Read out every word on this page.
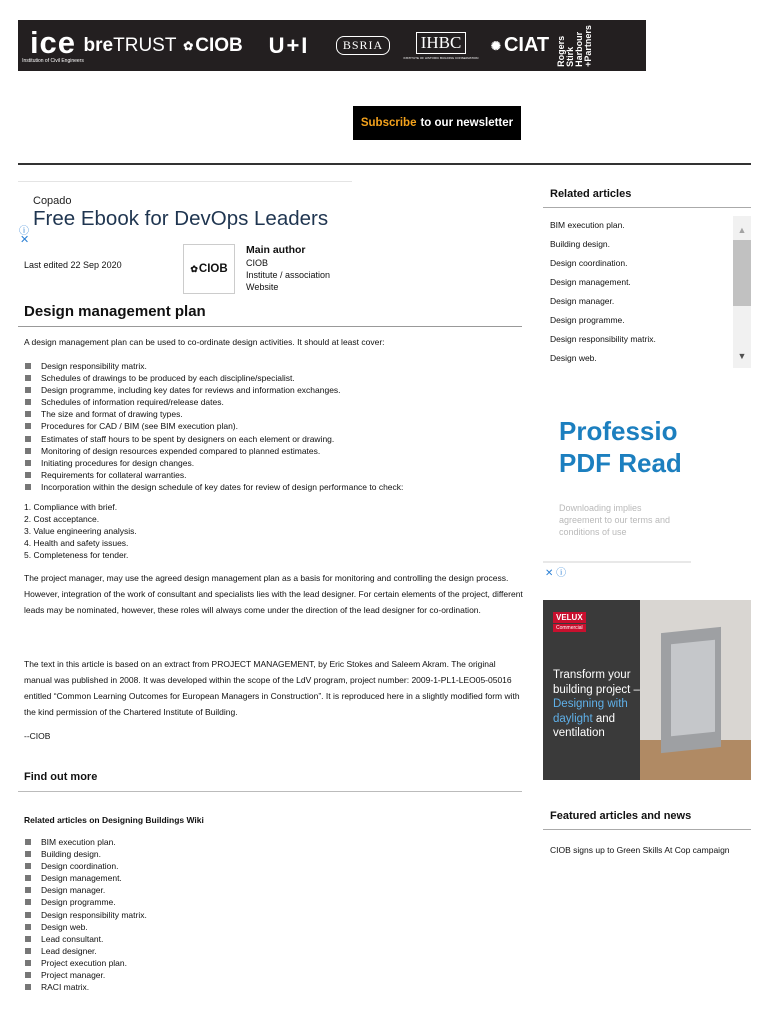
ice
Institution of Civil Engineers
bre TRUST ✿ CIOB U+I	BSRIA	IHBC
INSTITUTE OF HISTORIC BUILDING CONSERVATION
✺ CIAT Rogers
Stirk
Harbour
+Partners
Subscribe to our newsletter
ⓘ
✕
Copado
Free Ebook for DevOps Leaders
Last edited 22 Sep 2020	✿ CIOB
Main author
CIOB
Institute / association
Website
Design management plan

A design management plan can be used to co-ordinate design activities. It should at least cover:

Design responsibility matrix.
Schedules of drawings to be produced by each discipline/specialist.
Design programme, including key dates for reviews and information exchanges.
Schedules of information required/release dates.
The size and format of drawing types.
Procedures for CAD / BIM (see BIM execution plan).
Estimates of staff hours to be spent by designers on each element or drawing.
Monitoring of design resources expended compared to planned estimates.
Initiating procedures for design changes.
Requirements for collateral warranties.
Incorporation within the design schedule of key dates for review of design performance to check:
1. Compliance with brief.
2. Cost acceptance.
3. Value engineering analysis.
4. Health and safety issues.
5. Completeness for tender.

The project manager, may use the agreed design management plan as a basis for monitoring and controlling the design process. However, integration of the work of consultant and specialists lies with the lead designer. For certain elements of the project, different leads may be nominated, however, these roles will always come under the direction of the lead designer for co-ordination.

The text in this article is based on an extract from PROJECT MANAGEMENT, by Eric Stokes and Saleem Akram. The original manual was published in 2008. It was developed within the scope of the LdV program, project number: 2009-1-PL1-LEO05-05016 entitled “Common Learning Outcomes for European Managers in Construction”. It is reproduced here in a slightly modified form with the kind permission of the Chartered Institute of Building.

--CIOB
Find out more
Related articles on Designing Buildings Wiki
BIM execution plan.
Building design.
Design coordination.
Design management.
Design manager.
Design programme.
Design responsibility matrix.
Design web.
Lead consultant.
Lead designer.
Project execution plan.
Project manager.
RACI matrix.
Related articles
BIM execution plan.
Building design.
Design coordination.
Design management.
Design manager.
Design programme.
Design responsibility matrix.
Design web.
▲
▼
Professio
PDF Read
Downloading implies agreement to our terms and conditions of use
✕ ⓘ
VELUX
Commercial
Transform your building project – Designing with daylight and ventilation
Featured articles and news
CIOB signs up to Green Skills At Cop campaign
